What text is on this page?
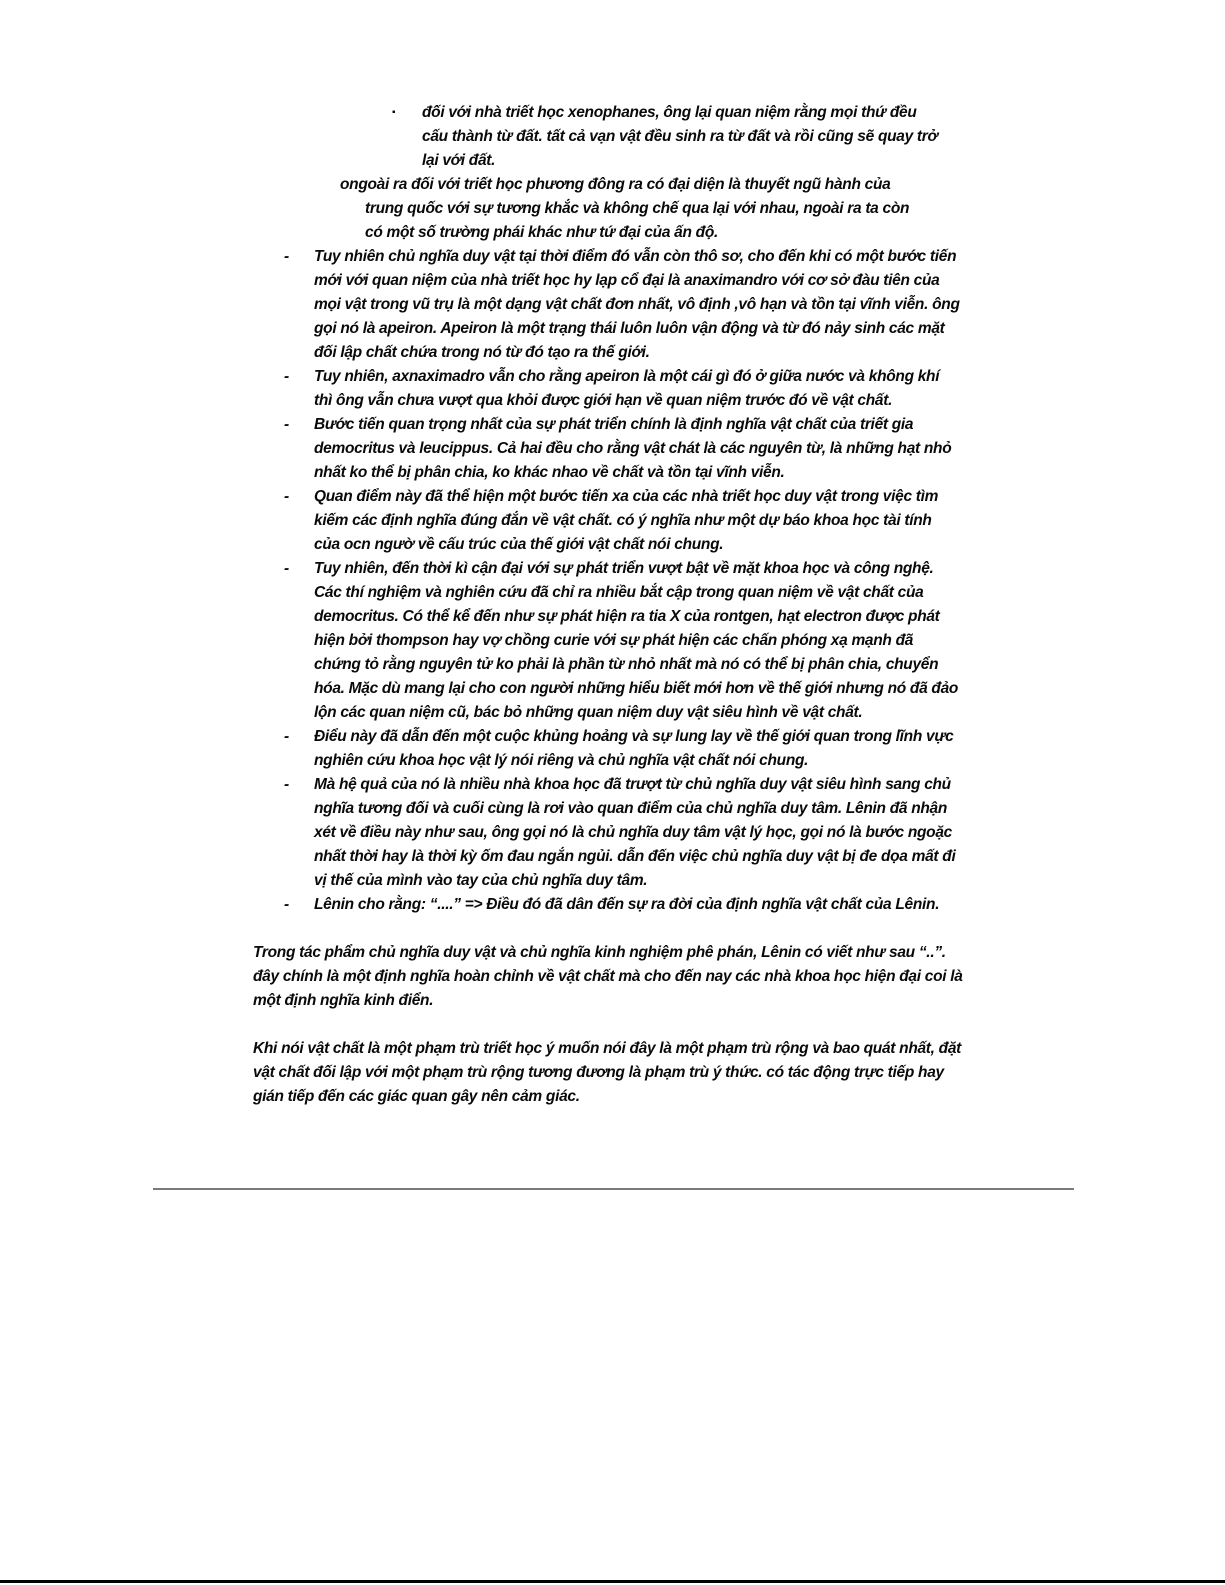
▪	đối với nhà triết học xenophanes, ông lại quan niệm rằng mọi thứ đều cấu thành từ đất. tất cả vạn vật đều sinh ra từ đất và rồi cũng sẽ quay trở lại với đất.
ongoài ra đối với triết học phương đông ra có đại diện là thuyết ngũ hành của trung quốc với sự tương khắc và không chế qua lại với nhau, ngoài ra ta còn có một số trường phái khác như tứ đại của ấn độ.
-	Tuy nhiên chủ nghĩa duy vật tại thời điểm đó vẫn còn thô sơ, cho đến khi có một bước tiến mới với quan niệm của nhà triết học hy lạp cổ đại là anaximandro với cơ sở đàu tiên của mọi vật trong vũ trụ là một dạng vật chất đơn nhất, vô định ,vô hạn và tồn tại vĩnh viễn. ông gọi nó là apeiron. Apeiron là một trạng thái luôn luôn vận động và từ đó nảy sinh các mặt đối lập chất chứa trong nó từ đó tạo ra thế giới.
-	Tuy nhiên, axnaximadro vẫn cho rằng apeiron là một cái gì đó ở giữa nước và không khí thì ông vẫn chưa vượt qua khỏi được giới hạn về quan niệm trước đó về vật chất.
-	Bước tiến quan trọng nhất của sự phát triển chính là định nghĩa vật chất của triết gia democritus và leucippus. Cả hai đều cho rằng vật chát là các nguyên từ, là những hạt nhỏ nhất ko thể bị phân chia, ko khác nhao về chất và tồn tại vĩnh viễn.
-	Quan điểm này đã thể hiện một bước tiến xa của các nhà triết học duy vật trong việc tìm kiếm các định nghĩa đúng đắn về vật chất. có ý nghĩa như một dự báo khoa học tài tính của ocn ngườ về cấu trúc của thế giới vật chất nói chung.
-	Tuy nhiên, đến thời kì cận đại với sự phát triển vượt bật về mặt khoa học và công nghệ. Các thí nghiệm và nghiên cứu đã chỉ ra nhiều bắt cập trong quan niệm về vật chất của democritus. Có thể kể đến như sự phát hiện ra tia X của rontgen, hạt electron được phát hiện bởi thompson hay vợ chồng curie với sự phát hiện các chấn phóng xạ mạnh đã chứng tỏ rằng nguyên tử ko phải là phần từ nhỏ nhất mà nó có thể bị phân chia, chuyển hóa. Mặc dù mang lại cho con người những hiểu biết mới hơn về thế giới nhưng nó đã đảo lộn các quan niệm cũ, bác bỏ những quan niệm duy vật siêu hình về vật chất.
-	Điểu này đã dẫn đến một cuộc khủng hoảng và sự lung lay về thế giới quan trong lĩnh vực nghiên cứu khoa học vật lý nói riêng và chủ nghĩa vật chất nói chung.
-	Mà hệ quả của nó là nhiều nhà khoa học đã trượt từ chủ nghĩa duy vật siêu hình sang chủ nghĩa tương đối và cuối cùng là rơi vào quan điểm của chủ nghĩa duy tâm. Lênin đã nhận xét về điều này như sau, ông gọi nó là chủ nghĩa duy tâm vật lý học, gọi nó là bước ngoặc nhất thời hay là thời kỳ ốm đau ngắn ngủi. dẫn đến việc chủ nghĩa duy vật bị đe dọa mất đi vị thế của mình vào tay của chủ nghĩa duy tâm.
-	Lênin cho rằng: “....” => Điều đó đã dân đến sự ra đời của định nghĩa vật chất của Lênin.
Trong tác phẩm chủ nghĩa duy vật và chủ nghĩa kinh nghiệm phê phán, Lênin có viết như sau “..”. đây chính là một định nghĩa hoàn chỉnh về vật chất mà cho đến nay các nhà khoa học hiện đại coi là một định nghĩa kinh điển.
Khi nói vật chất là một phạm trù triết học ý muốn nói đây là một phạm trù rộng và bao quát nhất, đặt vật chất đối lập với một phạm trù rộng tương đương là phạm trù ý thức. có tác động trực tiếp hay gián tiếp đến các giác quan gây nên cảm giác.
